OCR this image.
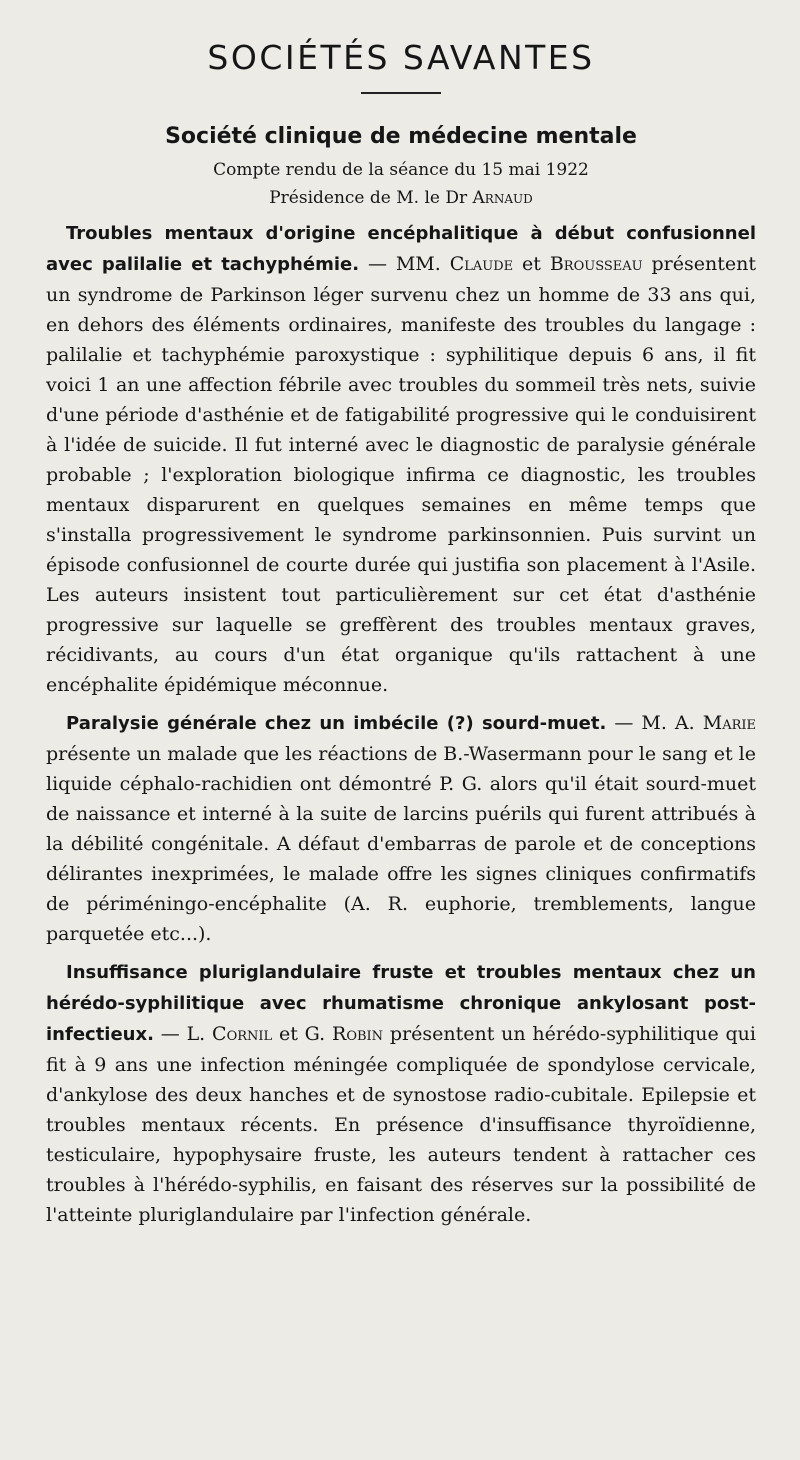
SOCIÉTÉS SAVANTES
Société clinique de médecine mentale

Compte rendu de la séance du 15 mai 1922

Présidence de M. le Dr Arnaud

Troubles mentaux d'origine encéphalitique à début confusionnel avec palilalie et tachyphémie. — MM. Claude et Brousseau présentent un syndrome de Parkinson léger survenu chez un homme de 33 ans qui, en dehors des éléments ordinaires, manifeste des troubles du langage : palilalie et tachyphémie paroxystique : syphilitique depuis 6 ans, il fit voici 1 an une affection fébrile avec troubles du sommeil très nets, suivie d'une période d'asthénie et de fatigabilité progressive qui le conduisirent à l'idée de suicide. Il fut interné avec le diagnostic de paralysie générale probable ; l'exploration biologique infirma ce diagnostic, les troubles mentaux disparurent en quelques semaines en même temps que s'installa progressivement le syndrome parkinsonnien. Puis survint un épisode confusionnel de courte durée qui justifia son placement à l'Asile. Les auteurs insistent tout particulièrement sur cet état d'asthénie progressive sur laquelle se greffèrent des troubles mentaux graves, récidivants, au cours d'un état organique qu'ils rattachent à une encéphalite épidémique méconnue.

Paralysie générale chez un imbécile (?) sourd-muet. — M. A. Marie présente un malade que les réactions de B.-Wasermann pour le sang et le liquide céphalo-rachidien ont démontré P. G. alors qu'il était sourd-muet de naissance et interné à la suite de larcins puérils qui furent attribués à la débilité congénitale. A défaut d'embarras de parole et de conceptions délirantes inexprimées, le malade offre les signes cliniques confirmatifs de périméningo-encéphalite (A. R. euphorie, tremblements, langue parquetée etc...).

Insuffisance pluriglandulaire fruste et troubles mentaux chez un hérédo-syphilitique avec rhumatisme chronique ankylosant post-infectieux. — L. Cornil et G. Robin présentent un hérédo-syphilitique qui fit à 9 ans une infection méningée compliquée de spondylose cervicale, d'ankylose des deux hanches et de synostose radio-cubitale. Epilepsie et troubles mentaux récents. En présence d'insuffisance thyroïdienne, testiculaire, hypophysaire fruste, les auteurs tendent à rattacher ces troubles à l'hérédo-syphilis, en faisant des réserves sur la possibilité de l'atteinte pluriglandulaire par l'infection générale.
